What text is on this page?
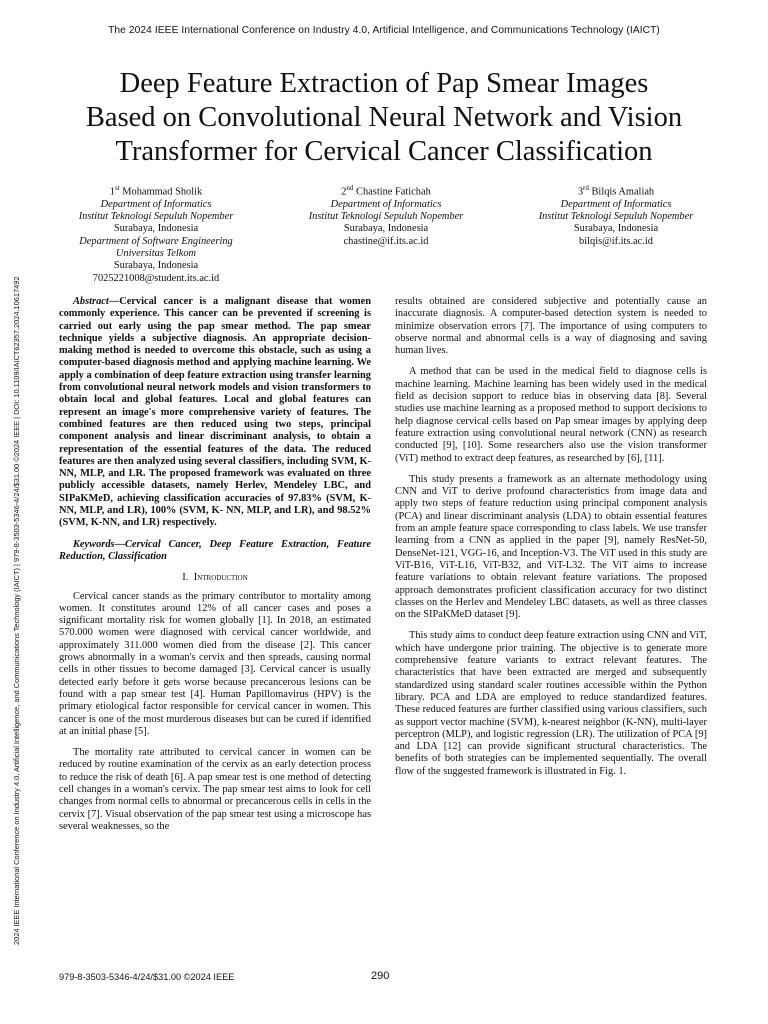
The 2024 IEEE International Conference on Industry 4.0, Artificial Intelligence, and Communications Technology (IAICT)
2024 IEEE International Conference on Industry 4.0, Artificial Intelligence, and Communications Technology (IAICT) | 979-8-3503-5346-4/24/$31.00 ©2024 IEEE | DOI: 10.1109/IAICT62357.2024.10617492
Deep Feature Extraction of Pap Smear Images
Based on Convolutional Neural Network and Vision
Transformer for Cervical Cancer Classification
1st Mohammad Sholik
Department of Informatics
Institut Teknologi Sepuluh Nopember
Surabaya, Indonesia
Department of Software Engineering
Universitas Telkom
Surabaya, Indonesia
7025221008@student.its.ac.id
2nd Chastine Fatichah
Department of Informatics
Institut Teknologi Sepuluh Nopember
Surabaya, Indonesia
chastine@if.its.ac.id
3rd Bilqis Amaliah
Department of Informatics
Institut Teknologi Sepuluh Nopember
Surabaya, Indonesia
bilqis@if.its.ac.id

Abstract—Cervical cancer is a malignant disease that women commonly experience. This cancer can be prevented if screening is carried out early using the pap smear method. The pap smear technique yields a subjective diagnosis. An appropriate decision-making method is needed to overcome this obstacle, such as using a computer-based diagnosis method and applying machine learning. We apply a combination of deep feature extraction using transfer learning from convolutional neural network models and vision transformers to obtain local and global features. Local and global features can represent an image's more comprehensive variety of features. The combined features are then reduced using two steps, principal component analysis and linear discriminant analysis, to obtain a representation of the essential features of the data. The reduced features are then analyzed using several classifiers, including SVM, K-NN, MLP, and LR. The proposed framework was evaluated on three publicly accessible datasets, namely Herlev, Mendeley LBC, and SIPaKMeD, achieving classification accuracies of 97.83% (SVM, K-NN, MLP, and LR), 100% (SVM, K- NN, MLP, and LR), and 98.52% (SVM, K-NN, and LR) respectively.

Keywords—Cervical Cancer, Deep Feature Extraction, Feature Reduction, Classification

I. Introduction

Cervical cancer stands as the primary contributor to mortality among women. It constitutes around 12% of all cancer cases and poses a significant mortality risk for women globally [1]. In 2018, an estimated 570.000 women were diagnosed with cervical cancer worldwide, and approximately 311.000 women died from the disease [2]. This cancer grows abnormally in a woman's cervix and then spreads, causing normal cells in other tissues to become damaged [3]. Cervical cancer is usually detected early before it gets worse because precancerous lesions can be found with a pap smear test [4]. Human Papillomavirus (HPV) is the primary etiological factor responsible for cervical cancer in women. This cancer is one of the most murderous diseases but can be cured if identified at an initial phase [5].

The mortality rate attributed to cervical cancer in women can be reduced by routine examination of the cervix as an early detection process to reduce the risk of death [6]. A pap smear test is one method of detecting cell changes in a woman's cervix. The pap smear test aims to look for cell changes from normal cells to abnormal or precancerous cells in cells in the cervix [7]. Visual observation of the pap smear test using a microscope has several weaknesses, so the

results obtained are considered subjective and potentially cause an inaccurate diagnosis. A computer-based detection system is needed to minimize observation errors [7]. The importance of using computers to observe normal and abnormal cells is a way of diagnosing and saving human lives.

A method that can be used in the medical field to diagnose cells is machine learning. Machine learning has been widely used in the medical field as decision support to reduce bias in observing data [8]. Several studies use machine learning as a proposed method to support decisions to help diagnose cervical cells based on Pap smear images by applying deep feature extraction using convolutional neural network (CNN) as research conducted [9], [10]. Some researchers also use the vision transformer (ViT) method to extract deep features, as researched by [6], [11].

This study presents a framework as an alternate methodology using CNN and ViT to derive profound characteristics from image data and apply two steps of feature reduction using principal component analysis (PCA) and linear discriminant analysis (LDA) to obtain essential features from an ample feature space corresponding to class labels. We use transfer learning from a CNN as applied in the paper [9], namely ResNet-50, DenseNet-121, VGG-16, and Inception-V3. The ViT used in this study are ViT-B16, ViT-L16, ViT-B32, and ViT-L32. The ViT aims to increase feature variations to obtain relevant feature variations. The proposed approach demonstrates proficient classification accuracy for two distinct classes on the Herlev and Mendeley LBC datasets, as well as three classes on the SIPaKMeD dataset [9].

This study aims to conduct deep feature extraction using CNN and ViT, which have undergone prior training. The objective is to generate more comprehensive feature variants to extract relevant features. The characteristics that have been extracted are merged and subsequently standardized using standard scaler routines accessible within the Python library. PCA and LDA are employed to reduce standardized features. These reduced features are further classified using various classifiers, such as support vector machine (SVM), k-nearest neighbor (K-NN), multi-layer perceptron (MLP), and logistic regression (LR). The utilization of PCA [9] and LDA [12] can provide significant structural characteristics. The benefits of both strategies can be implemented sequentially. The overall flow of the suggested framework is illustrated in Fig. 1.

979-8-3503-5346-4/24/$31.00 ©2024 IEEE	290
